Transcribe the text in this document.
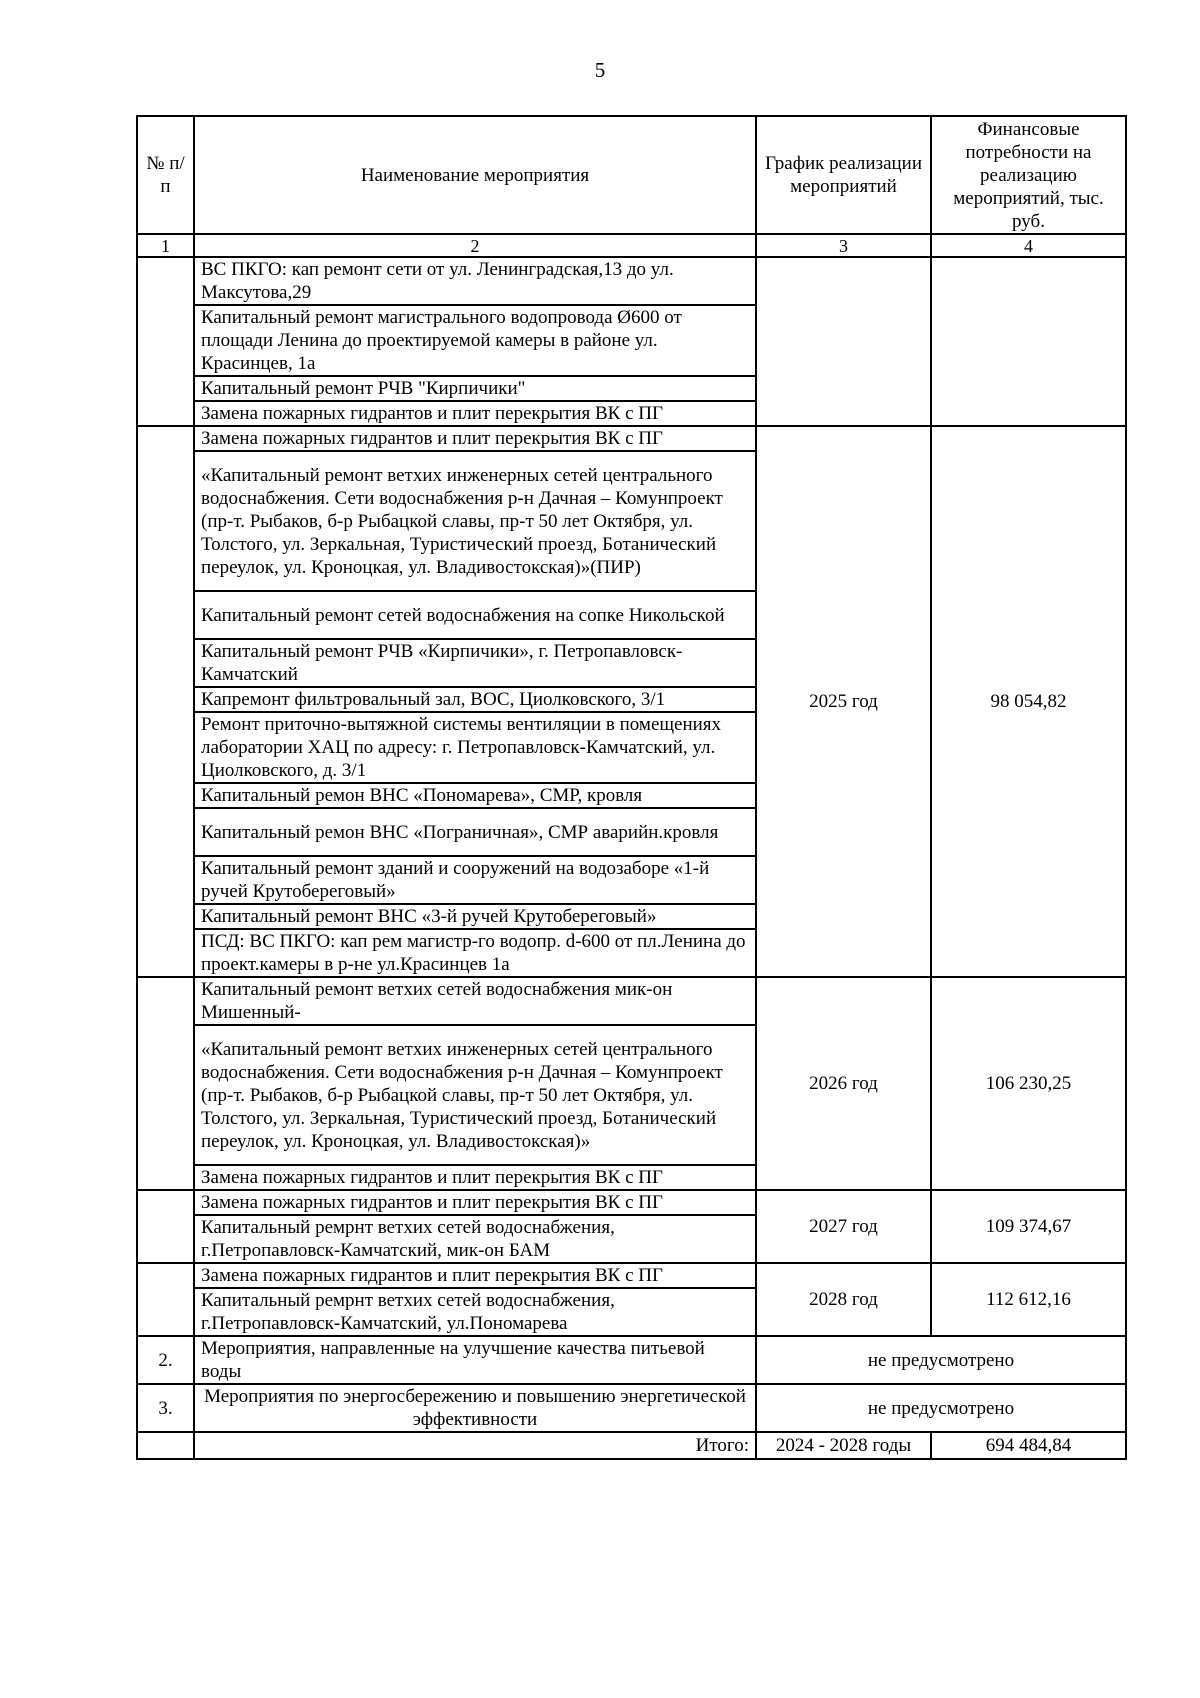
5
№ п/п	Наименование мероприятия	График реализации мероприятий	Финансовые потребности на реализацию мероприятий, тыс. руб.
1	2	3	4
	ВС ПКГО: кап ремонт сети от ул. Ленинградская,13 до ул. Максутова,29		
	Капитальный ремонт магистрального водопровода Ø600 от площади Ленина до проектируемой камеры в районе ул. Красинцев, 1а		
	Капитальный ремонт РЧВ "Кирпичики"		
	Замена пожарных гидрантов и плит перекрытия ВК с ПГ		
	Замена пожарных гидрантов и плит перекрытия ВК с ПГ	2025 год	98 054,82
	«Капитальный ремонт ветхих инженерных сетей центрального водоснабжения. Сети водоснабжения р-н Дачная – Комунпроект (пр-т. Рыбаков, б-р Рыбацкой славы, пр-т 50 лет Октября, ул. Толстого, ул. Зеркальная, Туристический проезд, Ботанический переулок, ул. Кроноцкая, ул. Владивостокская)»(ПИР)		
	Капитальный ремонт сетей водоснабжения на сопке Никольской		
	Капитальный ремонт РЧВ «Кирпичики», г. Петропавловск-Камчатский		
	Капремонт фильтровальный зал, ВОС, Циолковского, 3/1		
	Ремонт приточно-вытяжной системы вентиляции в помещениях лаборатории ХАЦ по адресу: г. Петропавловск-Камчатский, ул. Циолковского, д. 3/1		
	Капитальный ремон ВНС «Пономарева», СМР, кровля		
	Капитальный ремон ВНС «Пограничная», СМР аварийн.кровля		
	Капитальный ремонт зданий и сооружений на водозаборе «1-й ручей Крутобереговый»		
	Капитальный ремонт ВНС «3-й ручей Крутобереговый»		
	ПСД: ВС ПКГО: кап рем магистр-го водопр. d-600 от пл.Ленина до проект.камеры в р-не ул.Красинцев 1а		
	Капитальный ремонт ветхих сетей водоснабжения мик-он Мишенный-	2026 год	106 230,25
	«Капитальный ремонт ветхих инженерных сетей центрального водоснабжения. Сети водоснабжения р-н Дачная – Комунпроект (пр-т. Рыбаков, б-р Рыбацкой славы, пр-т 50 лет Октября, ул. Толстого, ул. Зеркальная, Туристический проезд, Ботанический переулок, ул. Кроноцкая, ул. Владивостокская)»		
	Замена пожарных гидрантов и плит перекрытия ВК с ПГ		
	Замена пожарных гидрантов и плит перекрытия ВК с ПГ	2027 год	109 374,67
	Капитальный ремрнт ветхих сетей водоснабжения, г.Петропавловск-Камчатский, мик-он БАМ		
	Замена пожарных гидрантов и плит перекрытия ВК с ПГ	2028 год	112 612,16
	Капитальный ремрнт ветхих сетей водоснабжения, г.Петропавловск-Камчатский, ул.Пономарева		
2.	Мероприятия, направленные на улучшение качества питьевой воды	не предусмотрено	
3.	Мероприятия по энергосбережению и повышению энергетической эффективности	не предусмотрено	
	Итого:	2024 - 2028 годы	694 484,84
